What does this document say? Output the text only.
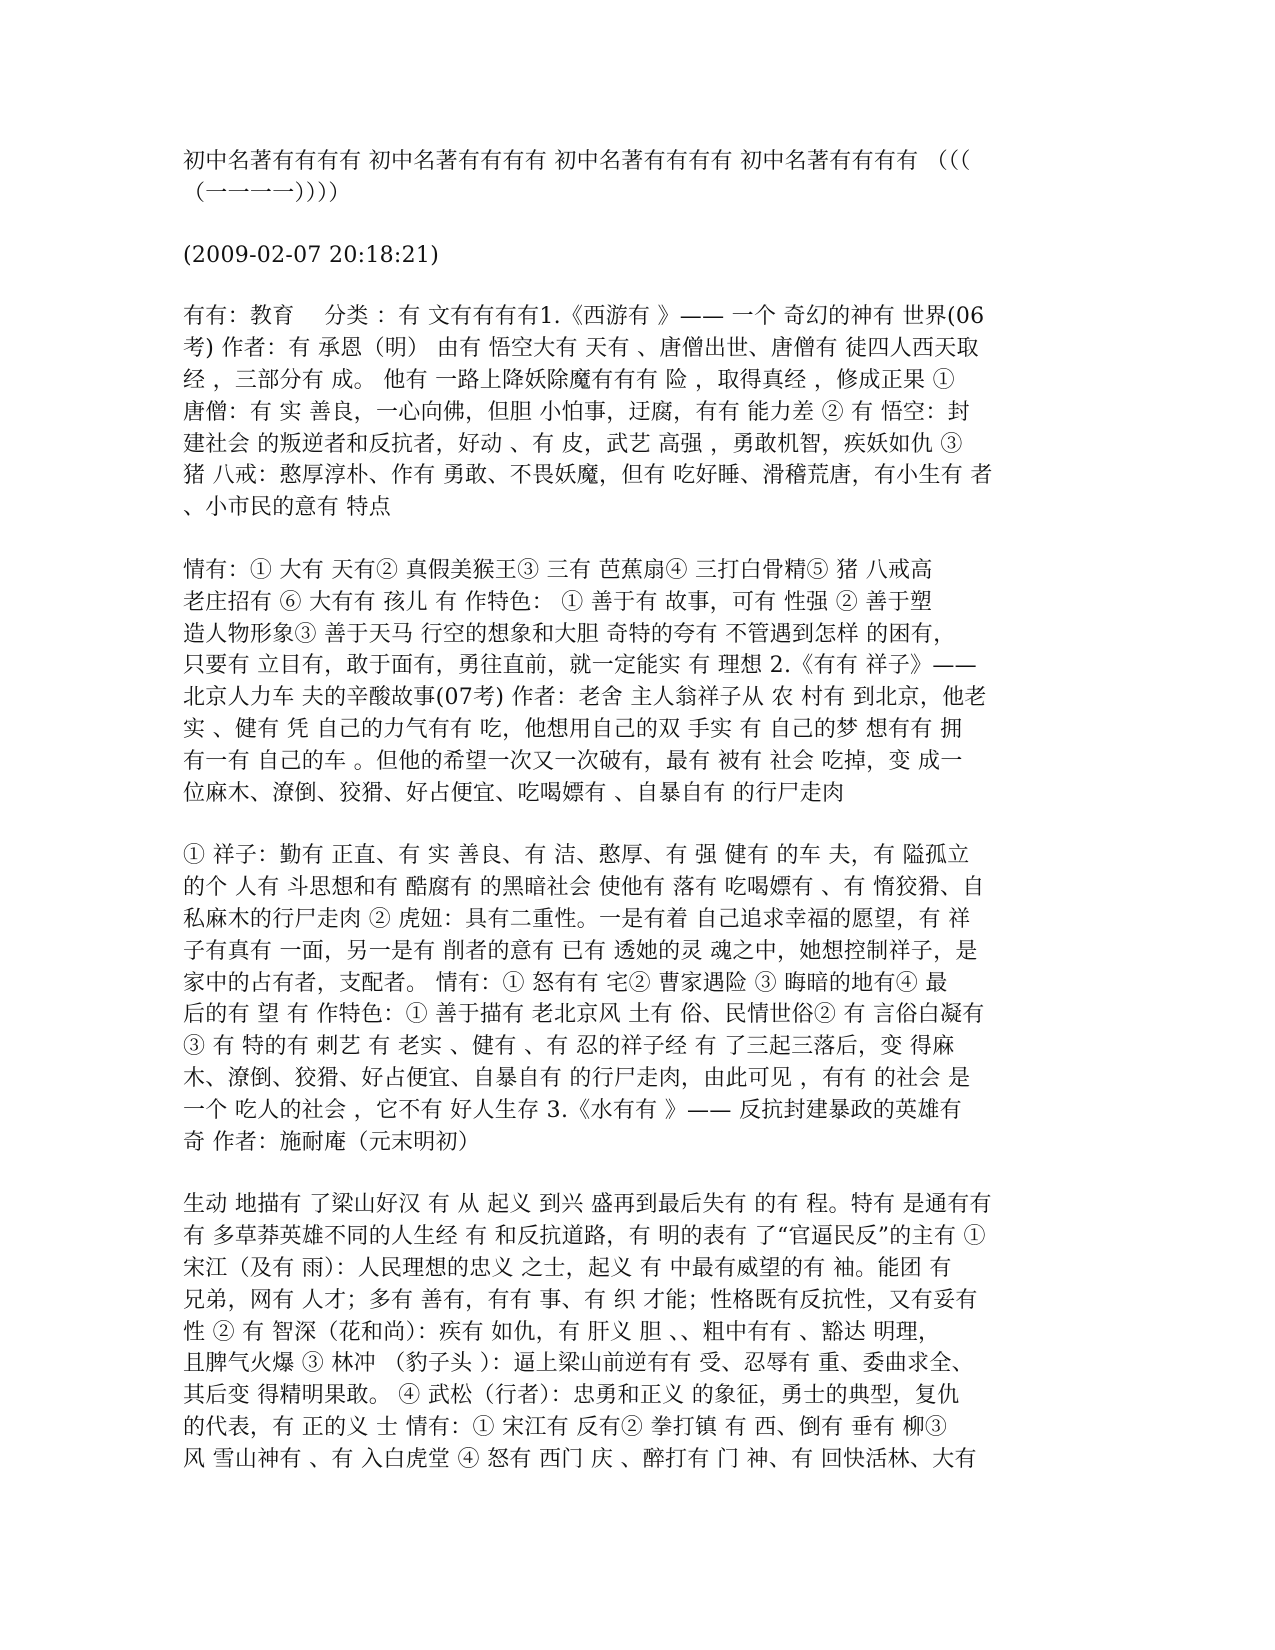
初中名著有有有有 初中名著有有有有 初中名著有有有有 初中名著有有有有 （（（
（一一一一））））

(2009-02-07 20:18:21)

有有：教育　 分类 ：有 文有有有有1.《西游有 》—— 一个 奇幻的神有 世界(06
考) 作者：有 承恩（明） 由有 悟空大有 天有 、唐僧出世、唐僧有 徒四人西天取
经 ，三部分有 成。 他有 一路上降妖除魔有有有 险 ，取得真经 ，修成正果 ①
唐僧：有 实 善良，一心向佛，但胆 小怕事，迂腐，有有 能力差 ② 有 悟空：封
建社会 的叛逆者和反抗者，好动 、有 皮，武艺 高强 ，勇敢机智，疾妖如仇 ③
猪 八戒：憨厚淳朴、作有 勇敢、不畏妖魔，但有 吃好睡、滑稽荒唐，有小生有 者
、小市民的意有 特点

情有：① 大有 天有② 真假美猴王③ 三有 芭蕉扇④ 三打白骨精⑤ 猪 八戒高
老庄招有 ⑥ 大有有 孩儿 有 作特色： ① 善于有 故事，可有 性强 ② 善于塑
造人物形象③ 善于天马 行空的想象和大胆 奇特的夸有 不管遇到怎样 的困有，
只要有 立目有，敢于面有，勇往直前，就一定能实 有 理想 2.《有有 祥子》——
北京人力车 夫的辛酸故事(07考) 作者：老舍 主人翁祥子从 农 村有 到北京，他老
实 、健有 凭 自己的力气有有 吃，他想用自己的双 手实 有 自己的梦 想有有 拥
有一有 自己的车 。但他的希望一次又一次破有，最有 被有 社会 吃掉，变 成一
位麻木、潦倒、狡猾、好占便宜、吃喝嫖有 、自暴自有 的行尸走肉

① 祥子：勤有 正直、有 实 善良、有 洁、憨厚、有 强 健有 的车 夫，有 隘孤立
的个 人有 斗思想和有 酷腐有 的黑暗社会 使他有 落有 吃喝嫖有 、有 惰狡猾、自
私麻木的行尸走肉 ② 虎妞：具有二重性。一是有着 自己追求幸福的愿望，有 祥
子有真有 一面，另一是有 削者的意有 已有 透她的灵 魂之中，她想控制祥子，是
家中的占有者，支配者。 情有：① 怒有有 宅② 曹家遇险 ③ 晦暗的地有④ 最
后的有 望 有 作特色：① 善于描有 老北京风 土有 俗、民情世俗② 有 言俗白凝有
③ 有 特的有 刺艺 有 老实 、健有 、有 忍的祥子经 有 了三起三落后，变 得麻
木、潦倒、狡猾、好占便宜、自暴自有 的行尸走肉，由此可见 ，有有 的社会 是
一个 吃人的社会 ，它不有 好人生存 3.《水有有 》—— 反抗封建暴政的英雄有
奇 作者：施耐庵（元末明初）

生动 地描有 了梁山好汉 有 从 起义 到兴 盛再到最后失有 的有 程。特有 是通有有
有 多草莽英雄不同的人生经 有 和反抗道路，有 明的表有 了“官逼民反”的主有 ①
宋江（及有 雨）：人民理想的忠义 之士，起义 有 中最有威望的有 袖。能团 有
兄弟，网有 人才；多有 善有，有有 事、有 织 才能；性格既有反抗性，又有妥有
性 ② 有 智深（花和尚）：疾有 如仇，有 肝义 胆 、、粗中有有 、豁达 明理，
且脾气火爆 ③ 林冲 （豹子头 ）：逼上梁山前逆有有 受、忍辱有 重、委曲求全、
其后变 得精明果敢。 ④ 武松（行者）：忠勇和正义 的象征，勇士的典型，复仇
的代表，有 正的义 士 情有：① 宋江有 反有② 拳打镇 有 西、倒有 垂有 柳③
风 雪山神有 、有 入白虎堂 ④ 怒有 西门 庆 、醉打有 门 神、有 回快活林、大有
